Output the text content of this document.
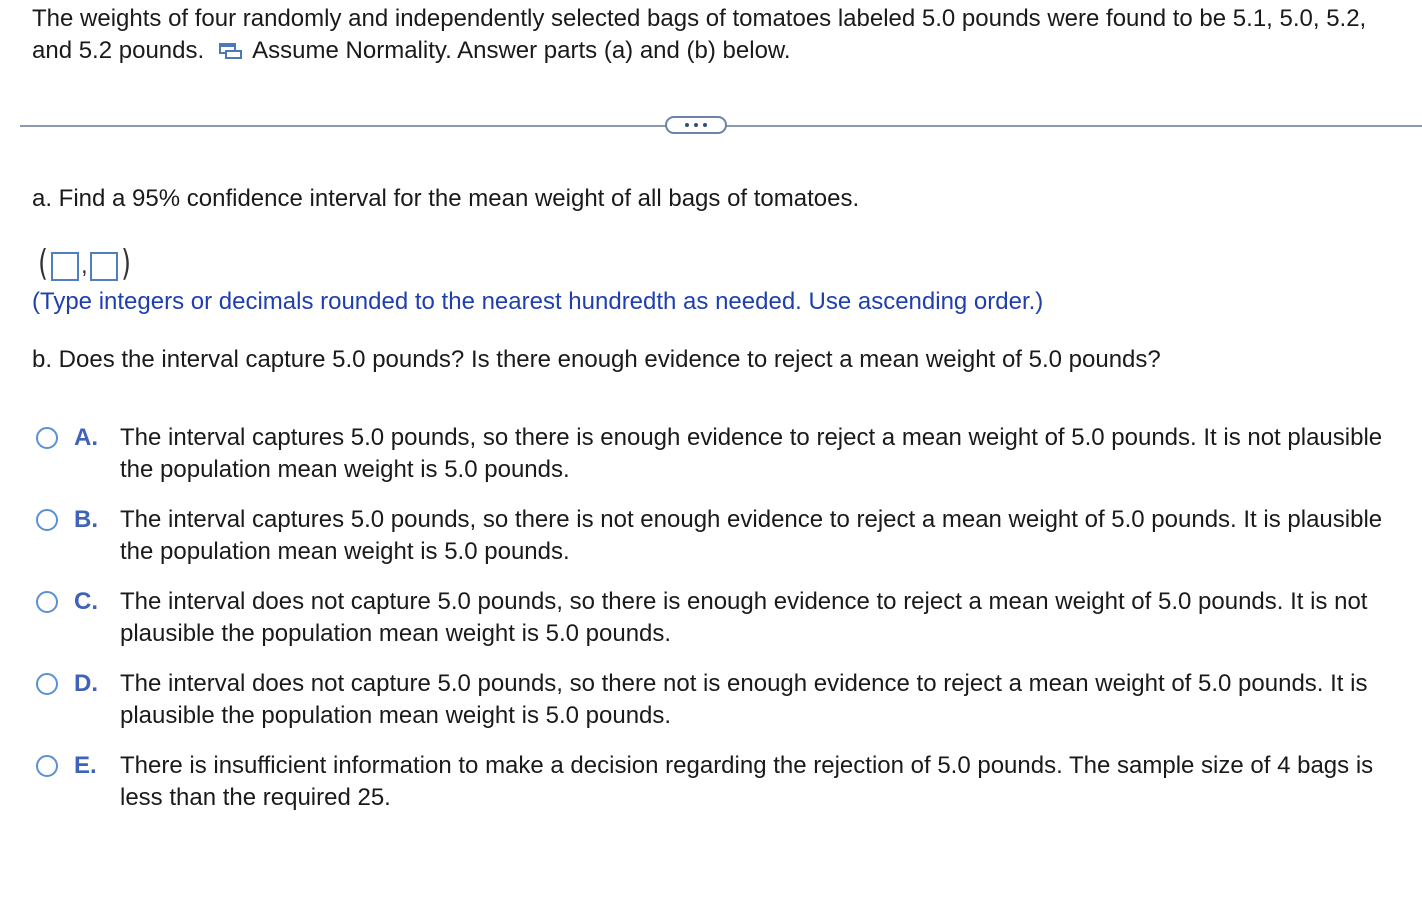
The weights of four randomly and independently selected bags of tomatoes labeled 5.0 pounds were found to be 5.1, 5.0, 5.2, and 5.2 pounds. Assume Normality. Answer parts (a) and (b) below.
a. Find a 95% confidence interval for the mean weight of all bags of tomatoes.
( , )
(Type integers or decimals rounded to the nearest hundredth as needed. Use ascending order.)
b. Does the interval capture 5.0 pounds? Is there enough evidence to reject a mean weight of 5.0 pounds?
A. The interval captures 5.0 pounds, so there is enough evidence to reject a mean weight of 5.0 pounds. It is not plausible the population mean weight is 5.0 pounds.
B. The interval captures 5.0 pounds, so there is not enough evidence to reject a mean weight of 5.0 pounds. It is plausible the population mean weight is 5.0 pounds.
C. The interval does not capture 5.0 pounds, so there is enough evidence to reject a mean weight of 5.0 pounds. It is not plausible the population mean weight is 5.0 pounds.
D. The interval does not capture 5.0 pounds, so there not is enough evidence to reject a mean weight of 5.0 pounds. It is plausible the population mean weight is 5.0 pounds.
E. There is insufficient information to make a decision regarding the rejection of 5.0 pounds. The sample size of 4 bags is less than the required 25.
